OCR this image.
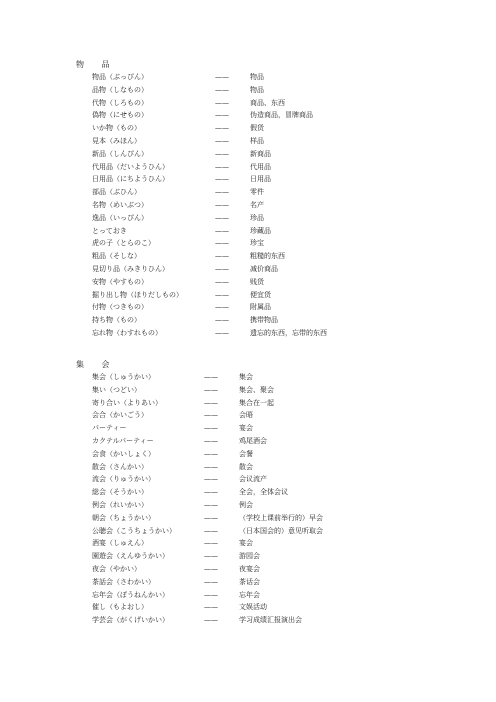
物　　品
物品（ぶっぴん）	——	物品
品物（しなもの）	——	物品
代物（しろもの）	——	商品、东西
偽物（にせもの）	——	伪造商品，冒牌商品
いか物（もの）	——	假货
見本（みほん）	——	样品
新品（しんぴん）	——	新商品
代用品（だいようひん）	——	代用品
日用品（にちようひん）	——	日用品
部品（ぶひん）	——	零件
名物（めいぶつ）	——	名产
逸品（いっぴん）	——	珍品
とっておき	——	珍藏品
虎の子（とらのこ）	——	珍宝
粗品（そしな）	——	粗糙的东西
見切り品（みきりひん）	——	减价商品
安物（やすもの）	——	贱货
掘り出し物（ほりだしもの）	——	便宜货
付物（つきもの）	——	附属品
持ち物（もの）	——	携带物品
忘れ物（わすれもの）	——	遗忘的东西，忘带的东西
集　　会
集会（しゅうかい）	——	集会
集い（つどい）	——	集会、聚会
寄り合い（よりあい）	——	集合在一起
会合（かいごう）	——	会晤
パーティー	——	宴会
カクテルパーティー	——	鸡尾酒会
会食（かいしょく）	——	会餐
散会（さんかい）	——	散会
流会（りゅうかい）	——	会议流产
総会（そうかい）	——	全会，全体会议
例会（れいかい）	——	例会
朝会（ちょうかい）	——	（学校上课前举行的）早会
公聴会（こうちょうかい）	——	（日本国会的）意见听取会
酒宴（しゅえん）	——	宴会
園遊会（えんゆうかい）	——	游园会
夜会（やかい）	——	夜宴会
茶話会（さわかい）	——	茶话会
忘年会（ぼうねんかい）	——	忘年会
催し（もよおし）	——	文娱活动
学芸会（がくげいかい）	——	学习成绩汇报演出会
